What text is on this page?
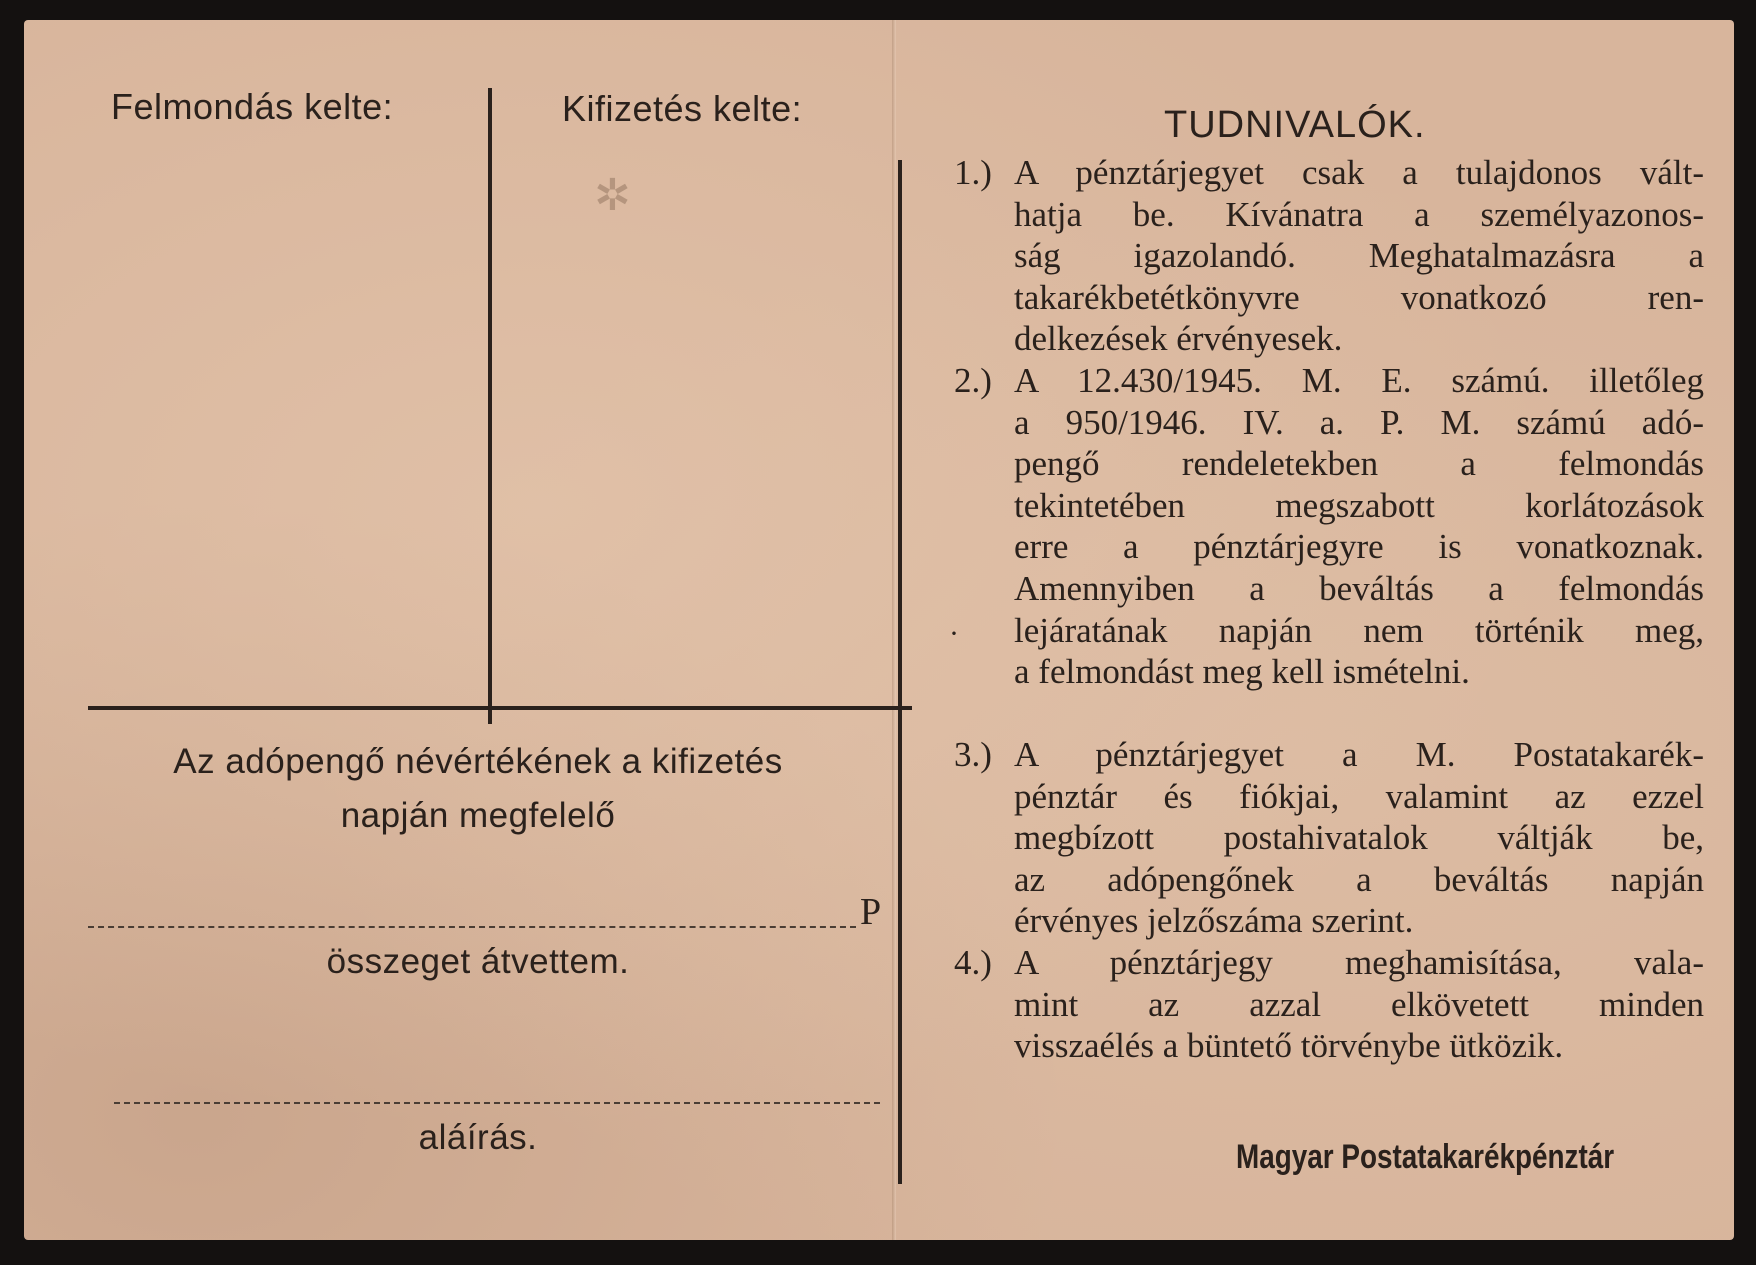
Felmondás kelte:	Kifizetés kelte:
✲
Az adópengő névértékének a kifizetés
napján megfelelő
P
összeget átvettem.
aláírás.
TUDNIVALÓK.
1.) A pénztárjegyet csak a tulajdonos vált-
hatja be. Kívánatra a személyazonos-
ság igazolandó. Meghatalmazásra a
takarékbetétkönyvre vonatkozó ren-
delkezések érvényesek.
2.) A 12.430/1945. M. E. számú. illetőleg
a 950/1946. IV. a. P. M. számú adó-
pengő rendeletekben a felmondás
tekintetében megszabott korlátozások
erre a pénztárjegyre is vonatkoznak.
Amennyiben a beváltás a felmondás
lejáratának napján nem történik meg,
a felmondást meg kell ismételni.
·
3.) A pénztárjegyet a M. Postatakarék-
pénztár és fiókjai, valamint az ezzel
megbízott postahivatalok váltják be,
az adópengőnek a beváltás napján
érvényes jelzőszáma szerint.
4.) A pénztárjegy meghamisítása, vala-
mint az azzal elkövetett minden
visszaélés a büntető törvénybe ütközik.
Magyar Postatakarékpénztár
